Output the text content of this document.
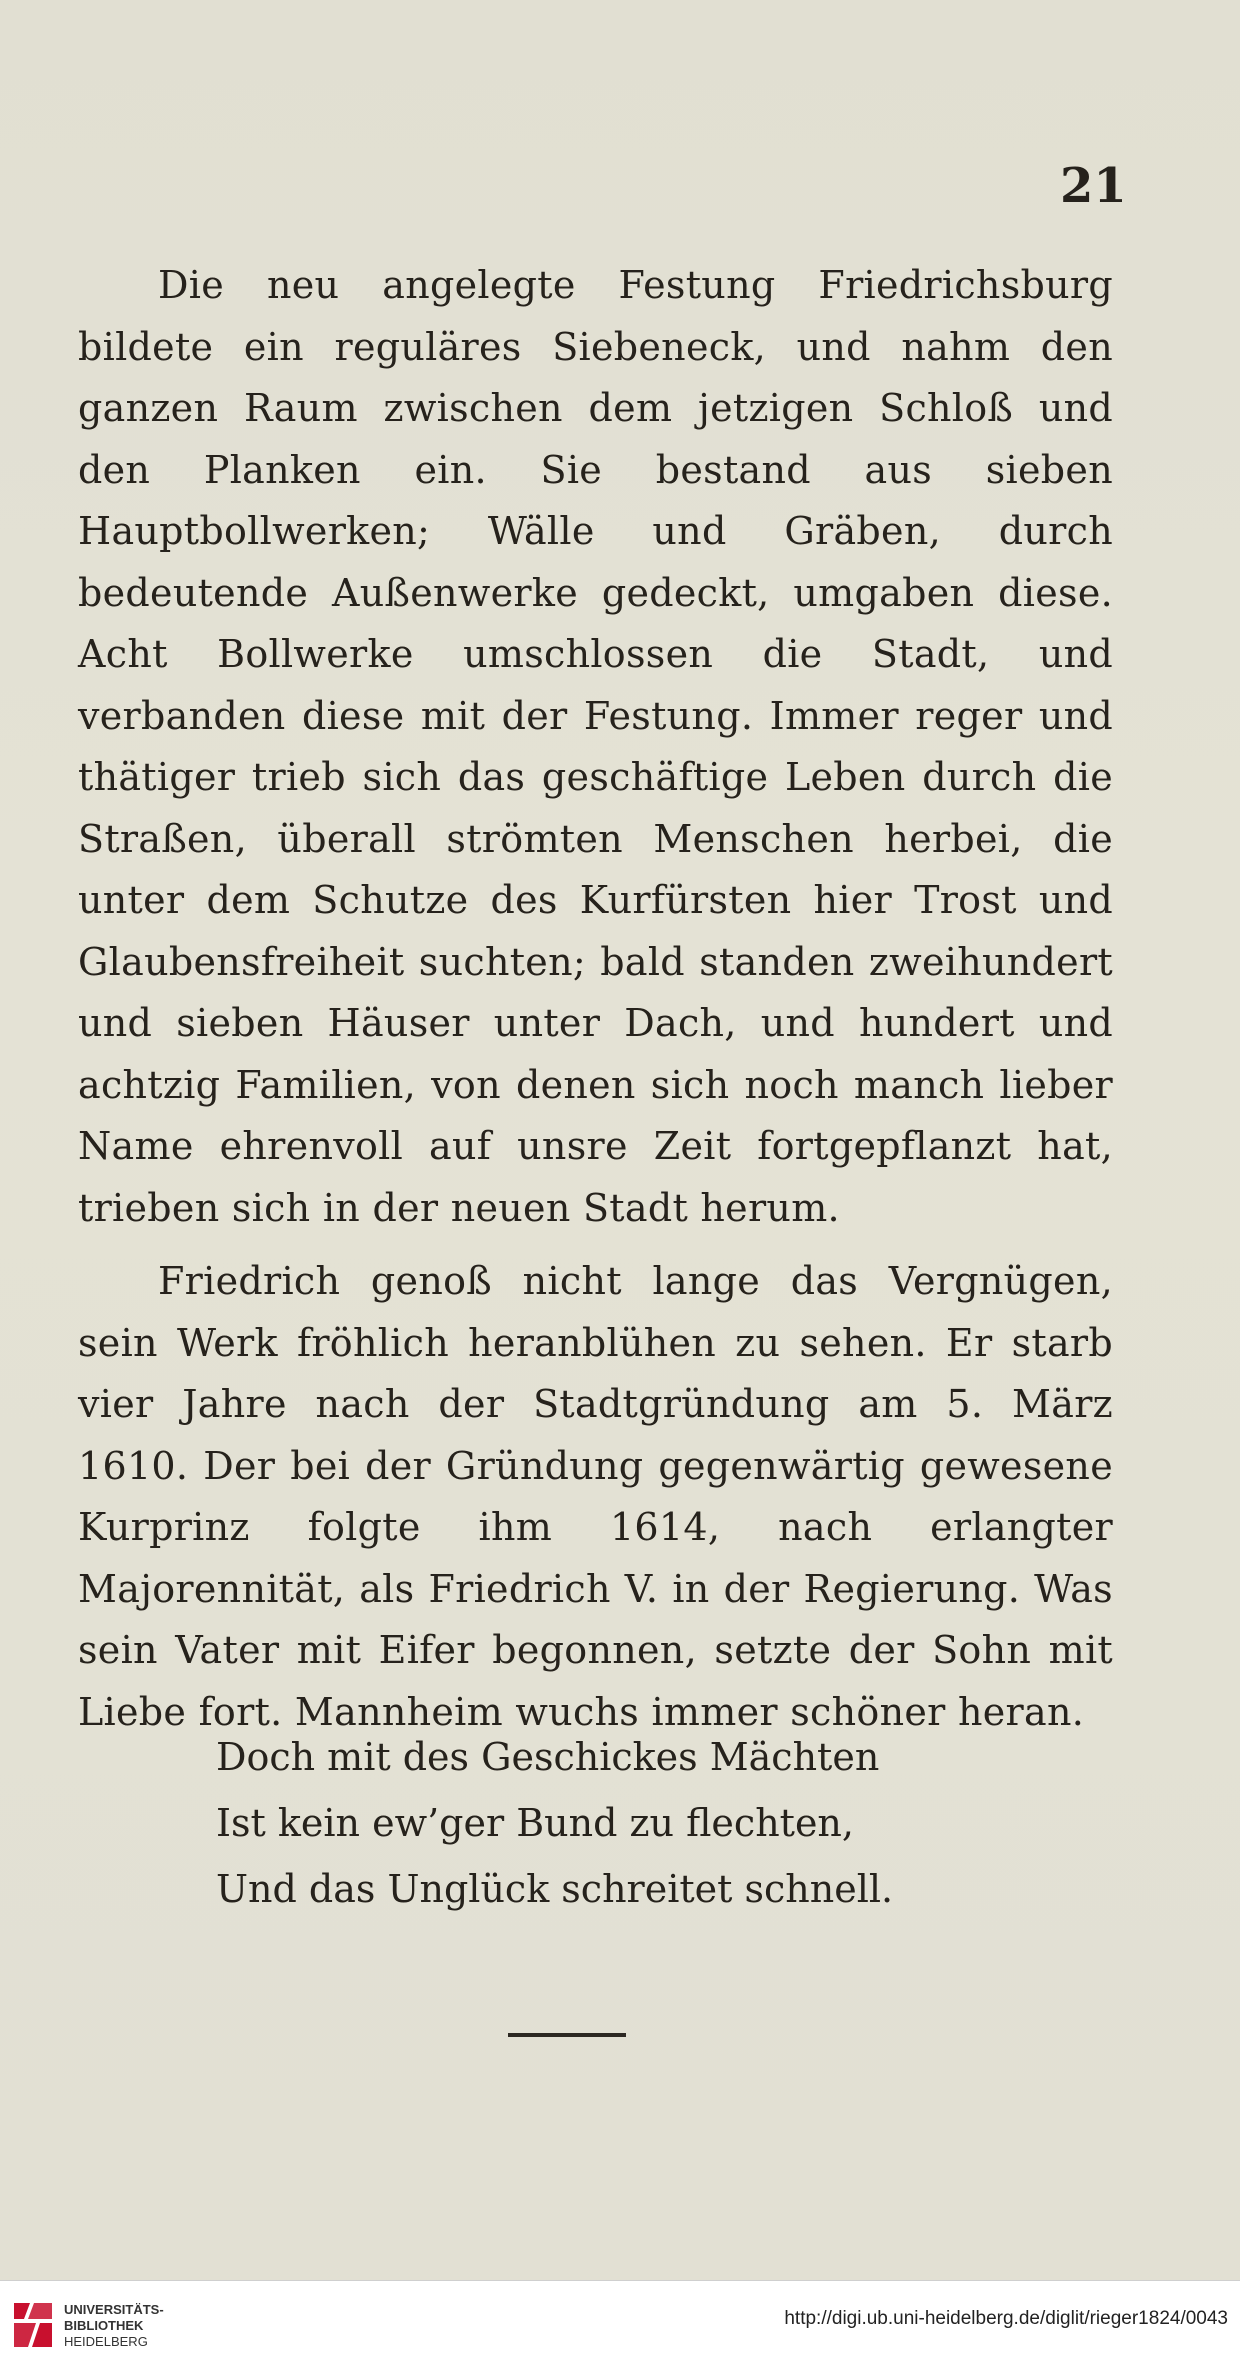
21

Die neu angelegte Festung Friedrichsburg bildete ein reguläres Siebeneck, und nahm den ganzen Raum zwischen dem jetzigen Schloß und den Planken ein. Sie bestand aus sieben Hauptbollwerken; Wälle und Gräben, durch bedeutende Außenwerke gedeckt, umgaben diese. Acht Bollwerke umschlossen die Stadt, und verbanden diese mit der Festung. Immer reger und thätiger trieb sich das geschäftige Leben durch die Straßen, überall strömten Menschen herbei, die unter dem Schutze des Kurfürsten hier Trost und Glaubensfreiheit suchten; bald standen zweihundert und sieben Häuser unter Dach, und hundert und achtzig Familien, von denen sich noch manch lieber Name ehrenvoll auf unsre Zeit fortgepflanzt hat, trieben sich in der neuen Stadt herum.

Friedrich genoß nicht lange das Vergnügen, sein Werk fröhlich heranblühen zu sehen. Er starb vier Jahre nach der Stadtgründung am 5. März 1610. Der bei der Gründung gegenwärtig gewesene Kurprinz folgte ihm 1614, nach erlangter Majorennität, als Friedrich V. in der Regierung. Was sein Vater mit Eifer begonnen, setzte der Sohn mit Liebe fort. Mannheim wuchs immer schöner heran.

Doch mit des Geschickes Mächten
Ist kein ew’ger Bund zu flechten,
Und das Unglück schreitet schnell.
UNIVERSITÄTS-
BIBLIOTHEK
HEIDELBERG
http://digi.ub.uni-heidelberg.de/diglit/rieger1824/0043
